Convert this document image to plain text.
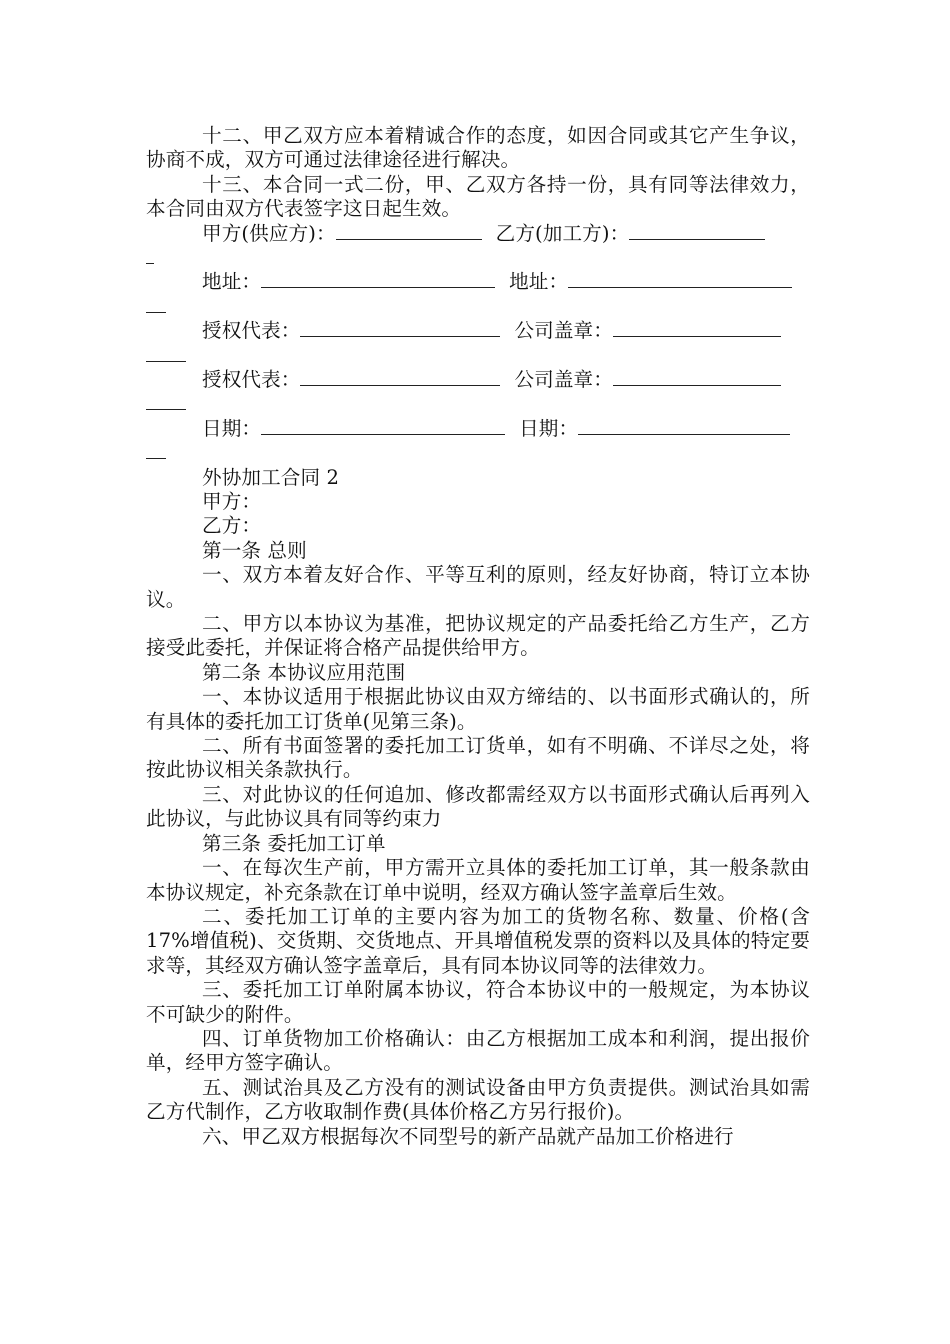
十二、甲乙双方应本着精诚合作的态度，如因合同或其它产生争议，协商不成，双方可通过法律途径进行解决。

十三、本合同一式二份，甲、乙双方各持一份，具有同等法律效力，本合同由双方代表签字这日起生效。

甲方(供应方)：	乙方(加工方)：

地址：	地址：

授权代表：	公司盖章：

授权代表：	公司盖章：

日期：	日期：

外协加工合同 2

甲方：

乙方：

第一条 总则

一、双方本着友好合作、平等互利的原则，经友好协商，特订立本协议。

二、甲方以本协议为基准，把协议规定的产品委托给乙方生产，乙方接受此委托，并保证将合格产品提供给甲方。

第二条 本协议应用范围

一、本协议适用于根据此协议由双方缔结的、以书面形式确认的，所有具体的委托加工订货单(见第三条)。

二、所有书面签署的委托加工订货单，如有不明确、不详尽之处，将按此协议相关条款执行。

三、对此协议的任何追加、修改都需经双方以书面形式确认后再列入此协议，与此协议具有同等约束力

第三条 委托加工订单

一、在每次生产前，甲方需开立具体的委托加工订单，其一般条款由本协议规定，补充条款在订单中说明，经双方确认签字盖章后生效。

二、委托加工订单的主要内容为加工的货物名称、数量、价格(含 17%增值税)、交货期、交货地点、开具增值税发票的资料以及具体的特定要求等，其经双方确认签字盖章后，具有同本协议同等的法律效力。

三、委托加工订单附属本协议，符合本协议中的一般规定，为本协议不可缺少的附件。

四、订单货物加工价格确认：由乙方根据加工成本和利润，提出报价单，经甲方签字确认。

五、测试治具及乙方没有的测试设备由甲方负责提供。测试治具如需乙方代制作，乙方收取制作费(具体价格乙方另行报价)。

六、甲乙双方根据每次不同型号的新产品就产品加工价格进行
